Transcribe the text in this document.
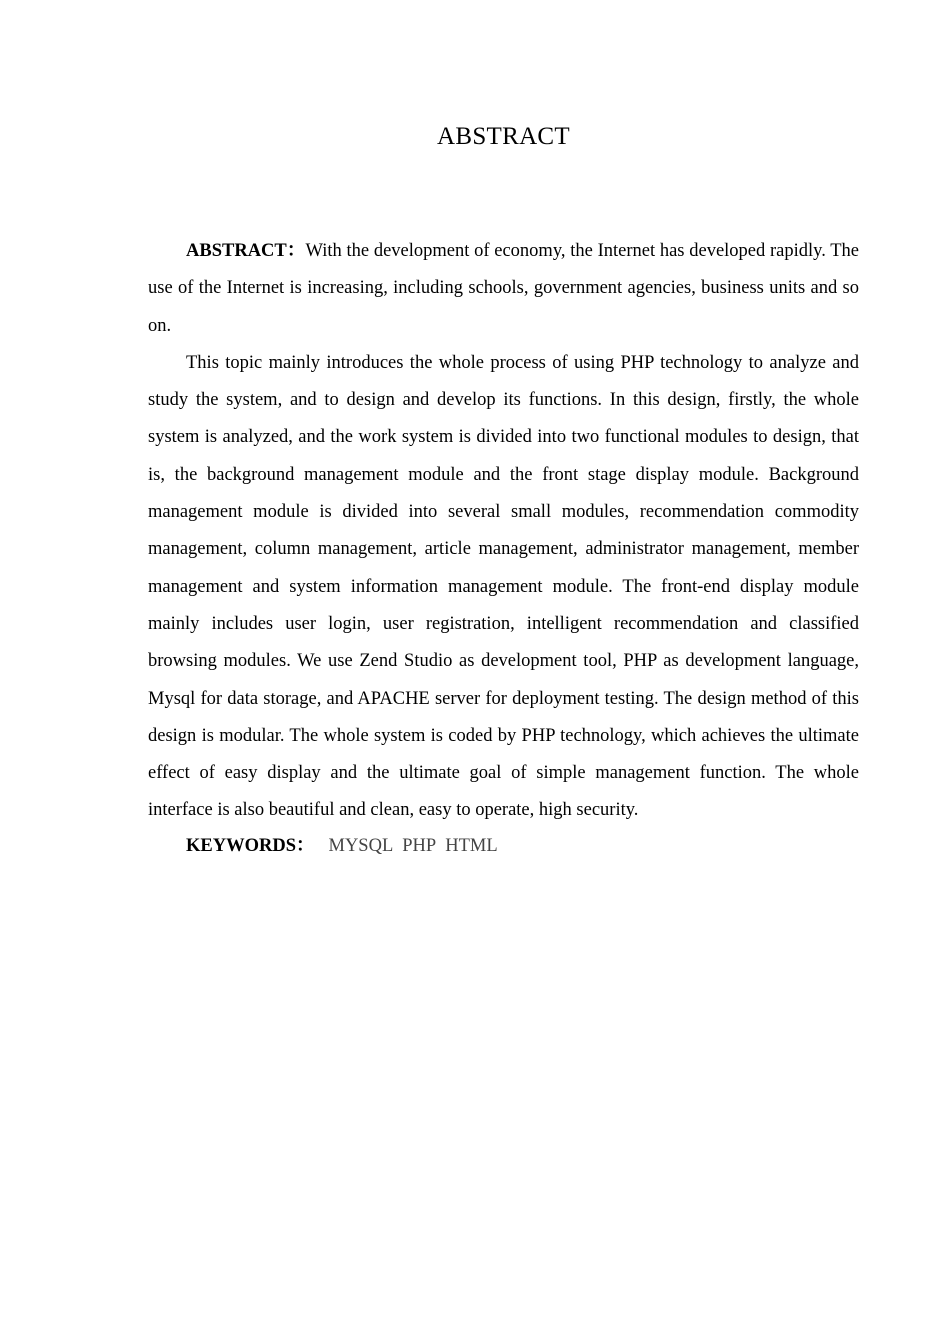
ABSTRACT

ABSTRACT：With the development of economy, the Internet has developed rapidly. The use of the Internet is increasing, including schools, government agencies, business units and so on.

This topic mainly introduces the whole process of using PHP technology to analyze and study the system, and to design and develop its functions. In this design, firstly, the whole system is analyzed, and the work system is divided into two functional modules to design, that is, the background management module and the front stage display module. Background management module is divided into several small modules, recommendation commodity management, column management, article management, administrator management, member management and system information management module. The front-end display module mainly includes user login, user registration, intelligent recommendation and classified browsing modules. We use Zend Studio as development tool, PHP as development language, Mysql for data storage, and APACHE server for deployment testing. The design method of this design is modular. The whole system is coded by PHP technology, which achieves the ultimate effect of easy display and the ultimate goal of simple management function. The whole interface is also beautiful and clean, easy to operate, high security.

KEYWORDS： MYSQL PHP HTML
